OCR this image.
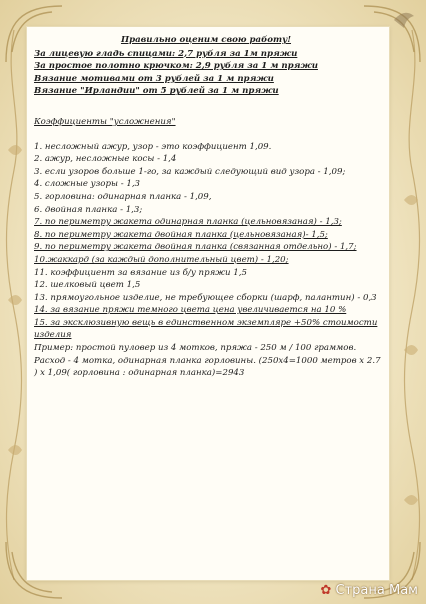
Правильно оценим свою работу!
За лицевую гладь спицами: 2,7 рубля за 1м пряжи
За простое полотно крючком: 2,9 рубля за 1 м пряжи
Вязание мотивами от 3 рублей за 1 м пряжи
Вязание "Ирландии" от 5 рублей за 1 м пряжи
Коэффициенты "усложнения"
1. несложный ажур, узор - это коэффициент 1,09.
2. ажур, несложные косы - 1,4
3. если узоров больше 1-го, за каждый следующий вид узора - 1,09;
4. сложные узоры - 1,3
5. горловина: одинарная планка - 1,09,
6. двойная планка - 1,3;
7. по периметру жакета одинарная планка (цельновязаная) - 1,3;
8. по периметру жакета двойная планка (цельновязаная)- 1,5;
9. по периметру жакета двойная планка (связанная отдельно) - 1,7;
10.жаккард (за каждый дополнительный цвет) - 1,20;
11. коэффициент за вязание из б/у пряжи 1,5
12. шелковый цвет 1,5
13. прямоугольное изделие, не требующее сборки (шарф, палантин) - 0,3
14. за вязание пряжи темного цвета цена увеличивается на 10 %
15. за эксклюзивную вещь в единственном экземпляре +50% стоимости изделия
Пример: простой пуловер из 4 мотков, пряжа - 250 м / 100 граммов. Расход - 4 мотка, одинарная планка горловины. (250х4=1000 метров х 2.7 ) х 1,09( горловина : одинарная планка)=2943
✿ Страна Мам
